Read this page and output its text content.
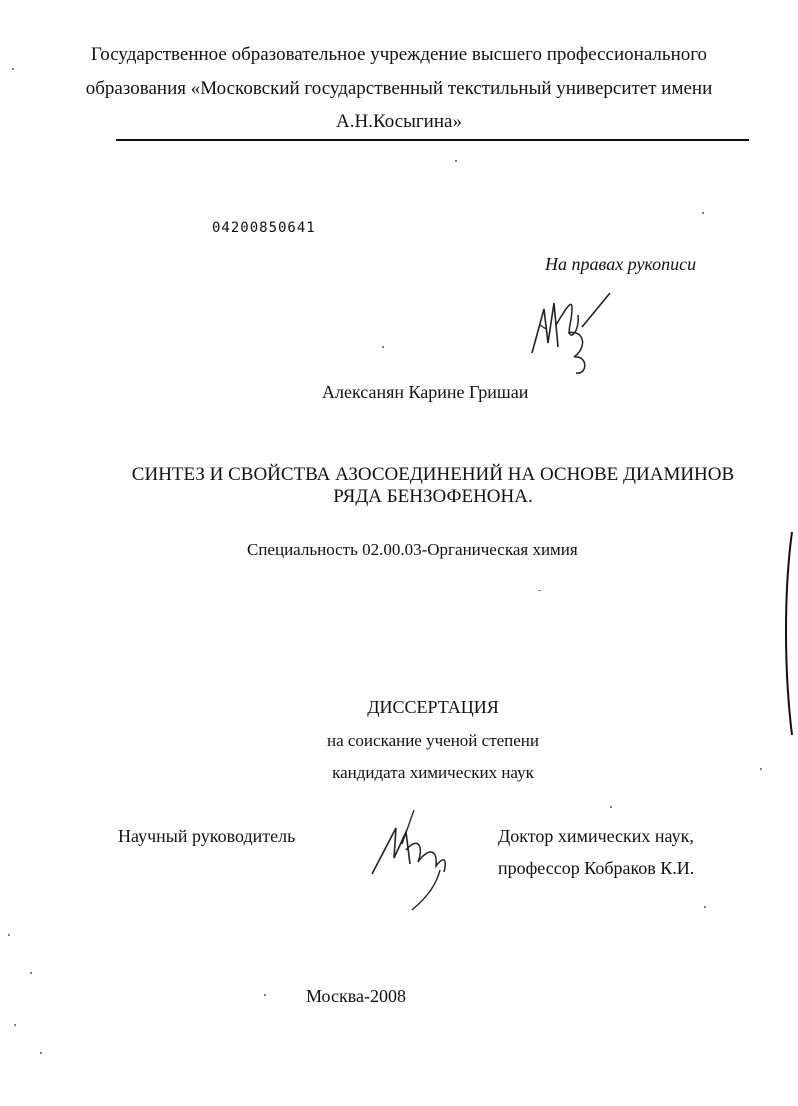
Государственное образовательное учреждение высшего профессионального
образования «Московский государственный текстильный университет имени
А.Н.Косыгина»
04200850641
На правах рукописи
Алексанян Карине Гришаи
СИНТЕЗ И СВОЙСТВА АЗОСОЕДИНЕНИЙ НА ОСНОВЕ ДИАМИНОВ
РЯДА БЕНЗОФЕНОНА.
Специальность 02.00.03-Органическая химия
ДИССЕРТАЦИЯ
на соискание ученой степени
кандидата химических наук
Научный руководитель	Доктор химических наук,
профессор Кобраков К.И.
Москва-2008
